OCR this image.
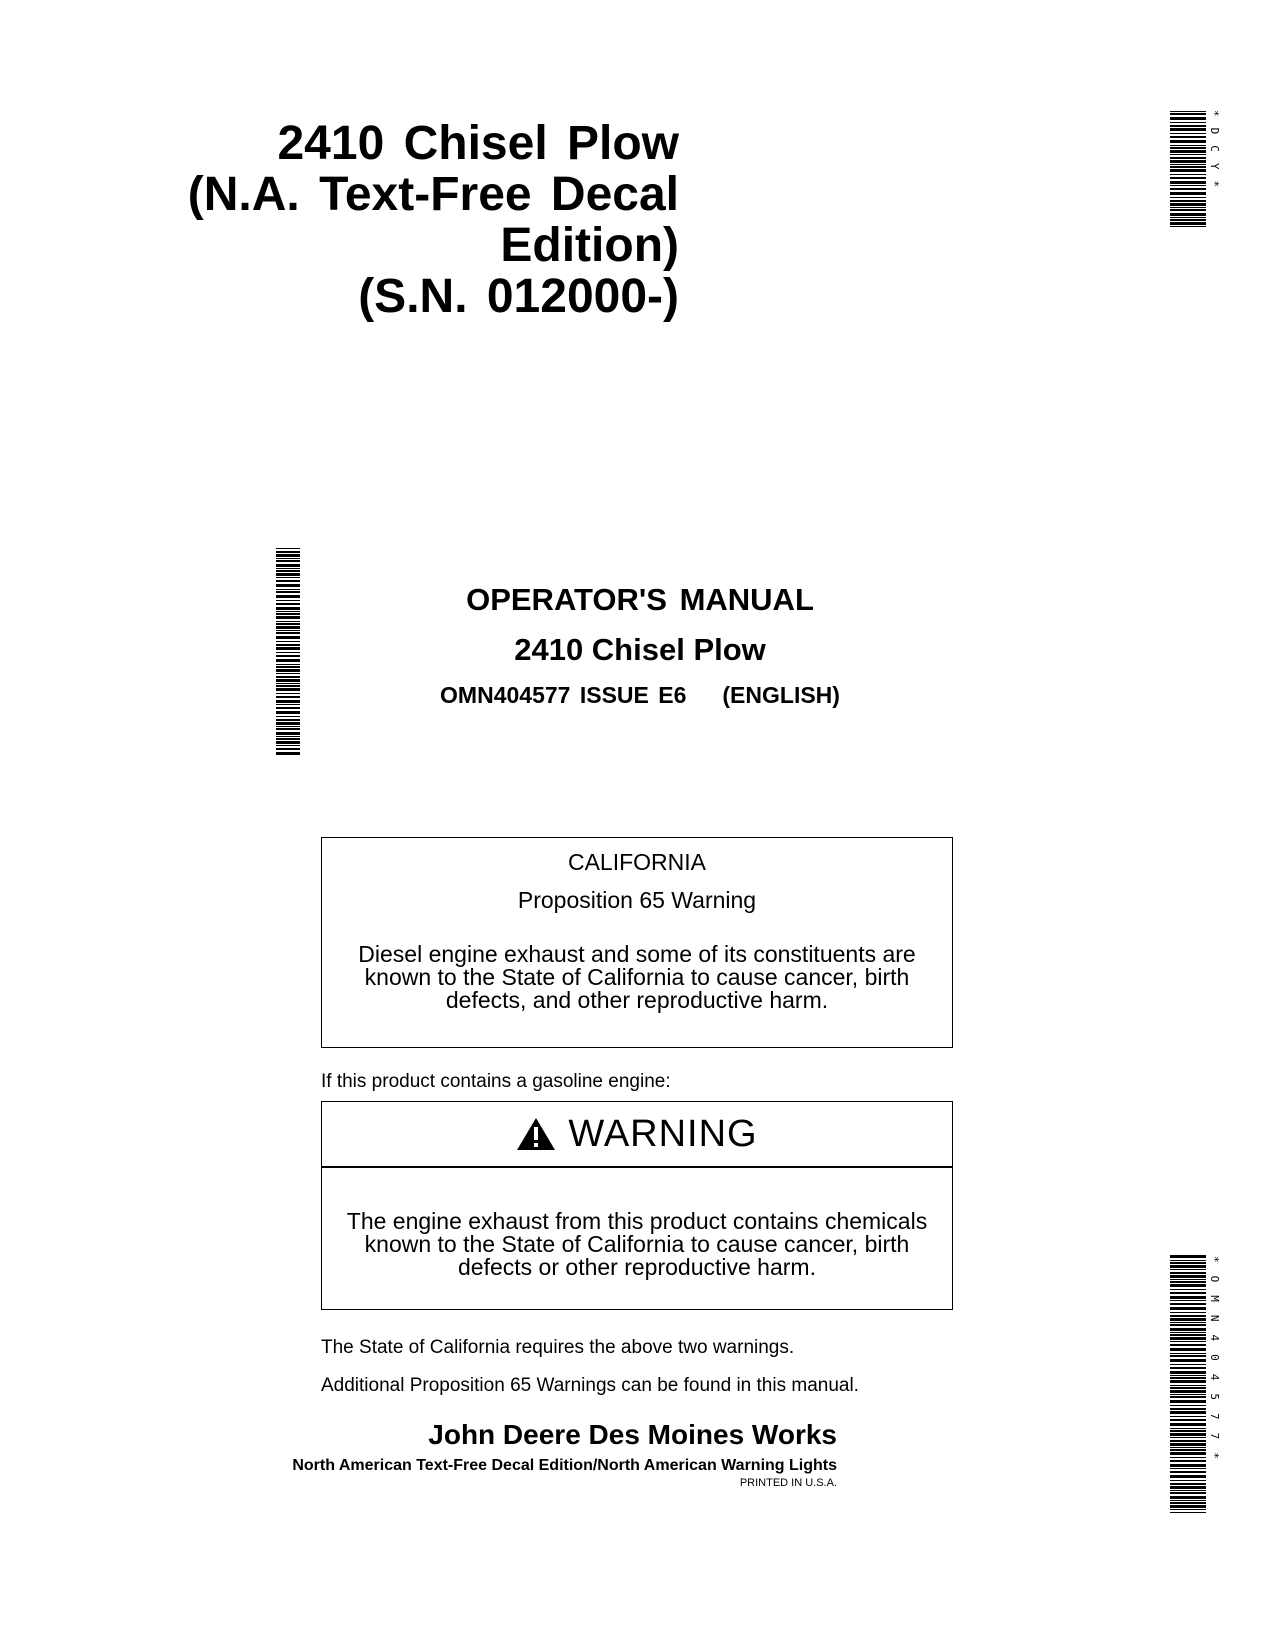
2410 Chisel Plow
(N.A. Text-Free Decal
Edition)
(S.N. 012000-)
*DCY*
OPERATOR'S MANUAL
2410 Chisel Plow
OMN404577 ISSUE E6 (ENGLISH)
CALIFORNIA
Proposition 65 Warning
Diesel engine exhaust and some of its constituents are known to the State of California to cause cancer, birth defects, and other reproductive harm.
If this product contains a gasoline engine:
WARNING
The engine exhaust from this product contains chemicals known to the State of California to cause cancer, birth defects or other reproductive harm.
The State of California requires the above two warnings.
Additional Proposition 65 Warnings can be found in this manual.
John Deere Des Moines Works
North American Text-Free Decal Edition/North American Warning Lights
PRINTED IN U.S.A.
*OMN404577*
